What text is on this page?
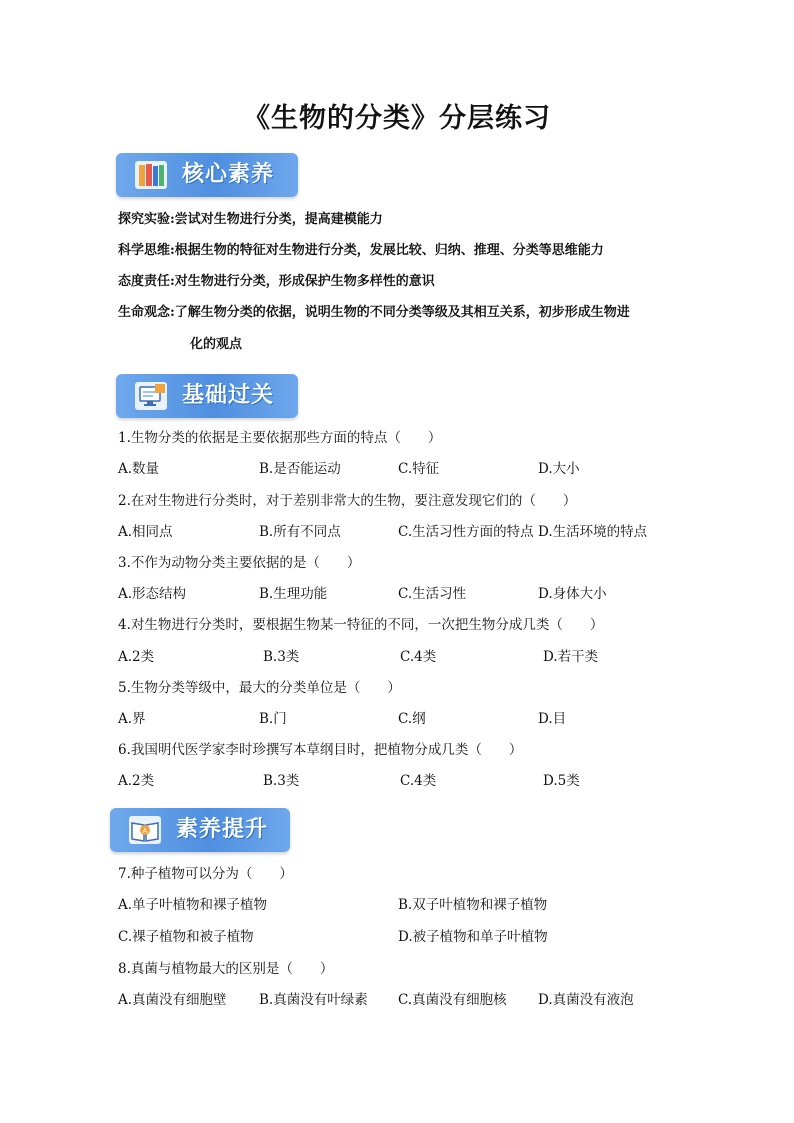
《生物的分类》分层练习
核心素养
探究实验:尝试对生物进行分类，提高建模能力
科学思维:根据生物的特征对生物进行分类，发展比较、归纳、推理、分类等思维能力
态度责任:对生物进行分类，形成保护生物多样性的意识
生命观念:了解生物分类的依据，说明生物的不同分类等级及其相互关系，初步形成生物进
化的观点
基础过关
1.生物分类的依据是主要依据那些方面的特点（　　）
A.数量	B.是否能运动	C.特征	D.大小
2.在对生物进行分类时，对于差别非常大的生物，要注意发现它们的（　　）
A.相同点	B.所有不同点	C.生活习性方面的特点 D.生活环境的特点
3.不作为动物分类主要依据的是（　　）
A.形态结构	B.生理功能	C.生活习性	D.身体大小
4.对生物进行分类时，要根据生物某一特征的不同，一次把生物分成几类（　　）
A.2类	B.3类	C.4类	D.若干类
5.生物分类等级中，最大的分类单位是（　　）
A.界	B.门	C.纲	D.目
6.我国明代医学家李时珍撰写本草纲目时，把植物分成几类（　　）
A.2类	B.3类	C.4类	D.5类
A 素养提升
7.种子植物可以分为（　　）
A.单子叶植物和裸子植物	B.双子叶植物和裸子植物
C.裸子植物和被子植物	D.被子植物和单子叶植物
8.真菌与植物最大的区别是（　　）
A.真菌没有细胞壁 B.真菌没有叶绿素 C.真菌没有细胞核 D.真菌没有液泡
